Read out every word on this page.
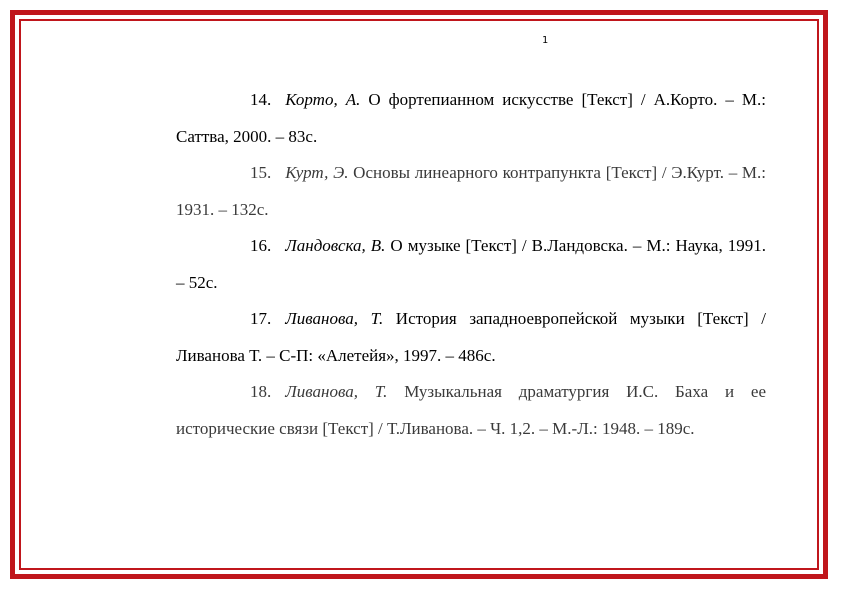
1

14. Корто, А. О фортепианном искусстве [Текст] / А.Корто. – М.: Саттва, 2000. – 83с.

15. Курт, Э. Основы линеарного контрапункта [Текст] / Э.Курт. – М.: 1931. – 132с.

16. Ландовска, В. О музыке [Текст] / В.Ландовска. – М.: Наука, 1991. – 52с.

17. Ливанова, Т. История западноевропейской музыки [Текст] / Ливанова Т. – С-П: «Алетейя», 1997. – 486с.

18. Ливанова, Т. Музыкальная драматургия И.С. Баха и ее исторические связи [Текст] / Т.Ливанова. – Ч. 1,2. – М.-Л.: 1948. – 189с.
